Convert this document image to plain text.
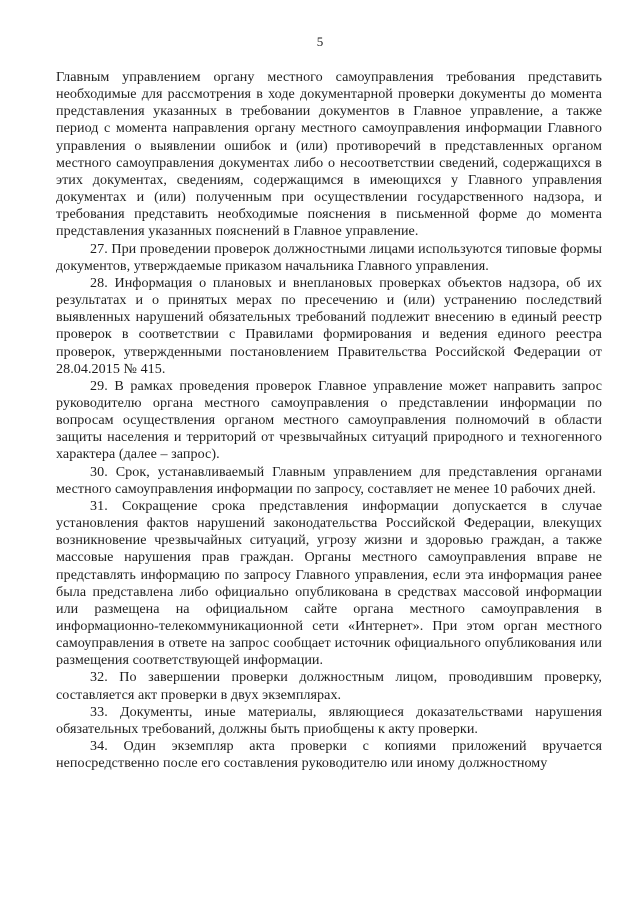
5

Главным управлением органу местного самоуправления требования представить необходимые для рассмотрения в ходе документарной проверки документы до момента представления указанных в требовании документов в Главное управление, а также период с момента направления органу местного самоуправления информации Главного управления о выявлении ошибок и (или) противоречий в представленных органом местного самоуправления документах либо о несоответствии сведений, содержащихся в этих документах, сведениям, содержащимся в имеющихся у Главного управления документах и (или) полученным при осуществлении государственного надзора, и требования представить необходимые пояснения в письменной форме до момента представления указанных пояснений в Главное управление.

27. При проведении проверок должностными лицами используются типовые формы документов, утверждаемые приказом начальника Главного управления.

28. Информация о плановых и внеплановых проверках объектов надзора, об их результатах и о принятых мерах по пресечению и (или) устранению последствий выявленных нарушений обязательных требований подлежит внесению в единый реестр проверок в соответствии с Правилами формирования и ведения единого реестра проверок, утвержденными постановлением Правительства Российской Федерации от 28.04.2015 № 415.

29. В рамках проведения проверок Главное управление может направить запрос руководителю органа местного самоуправления о представлении информации по вопросам осуществления органом местного самоуправления полномочий в области защиты населения и территорий от чрезвычайных ситуаций природного и техногенного характера (далее – запрос).

30. Срок, устанавливаемый Главным управлением для представления органами местного самоуправления информации по запросу, составляет не менее 10 рабочих дней.

31. Сокращение срока представления информации допускается в случае установления фактов нарушений законодательства Российской Федерации, влекущих возникновение чрезвычайных ситуаций, угрозу жизни и здоровью граждан, а также массовые нарушения прав граждан. Органы местного самоуправления вправе не представлять информацию по запросу Главного управления, если эта информация ранее была представлена либо официально опубликована в средствах массовой информации или размещена на официальном сайте органа местного самоуправления в информационно-телекоммуникационной сети «Интернет». При этом орган местного самоуправления в ответе на запрос сообщает источник официального опубликования или размещения соответствующей информации.

32. По завершении проверки должностным лицом, проводившим проверку, составляется акт проверки в двух экземплярах.

33. Документы, иные материалы, являющиеся доказательствами нарушения обязательных требований, должны быть приобщены к акту проверки.

34. Один экземпляр акта проверки с копиями приложений вручается непосредственно после его составления руководителю или иному должностному
